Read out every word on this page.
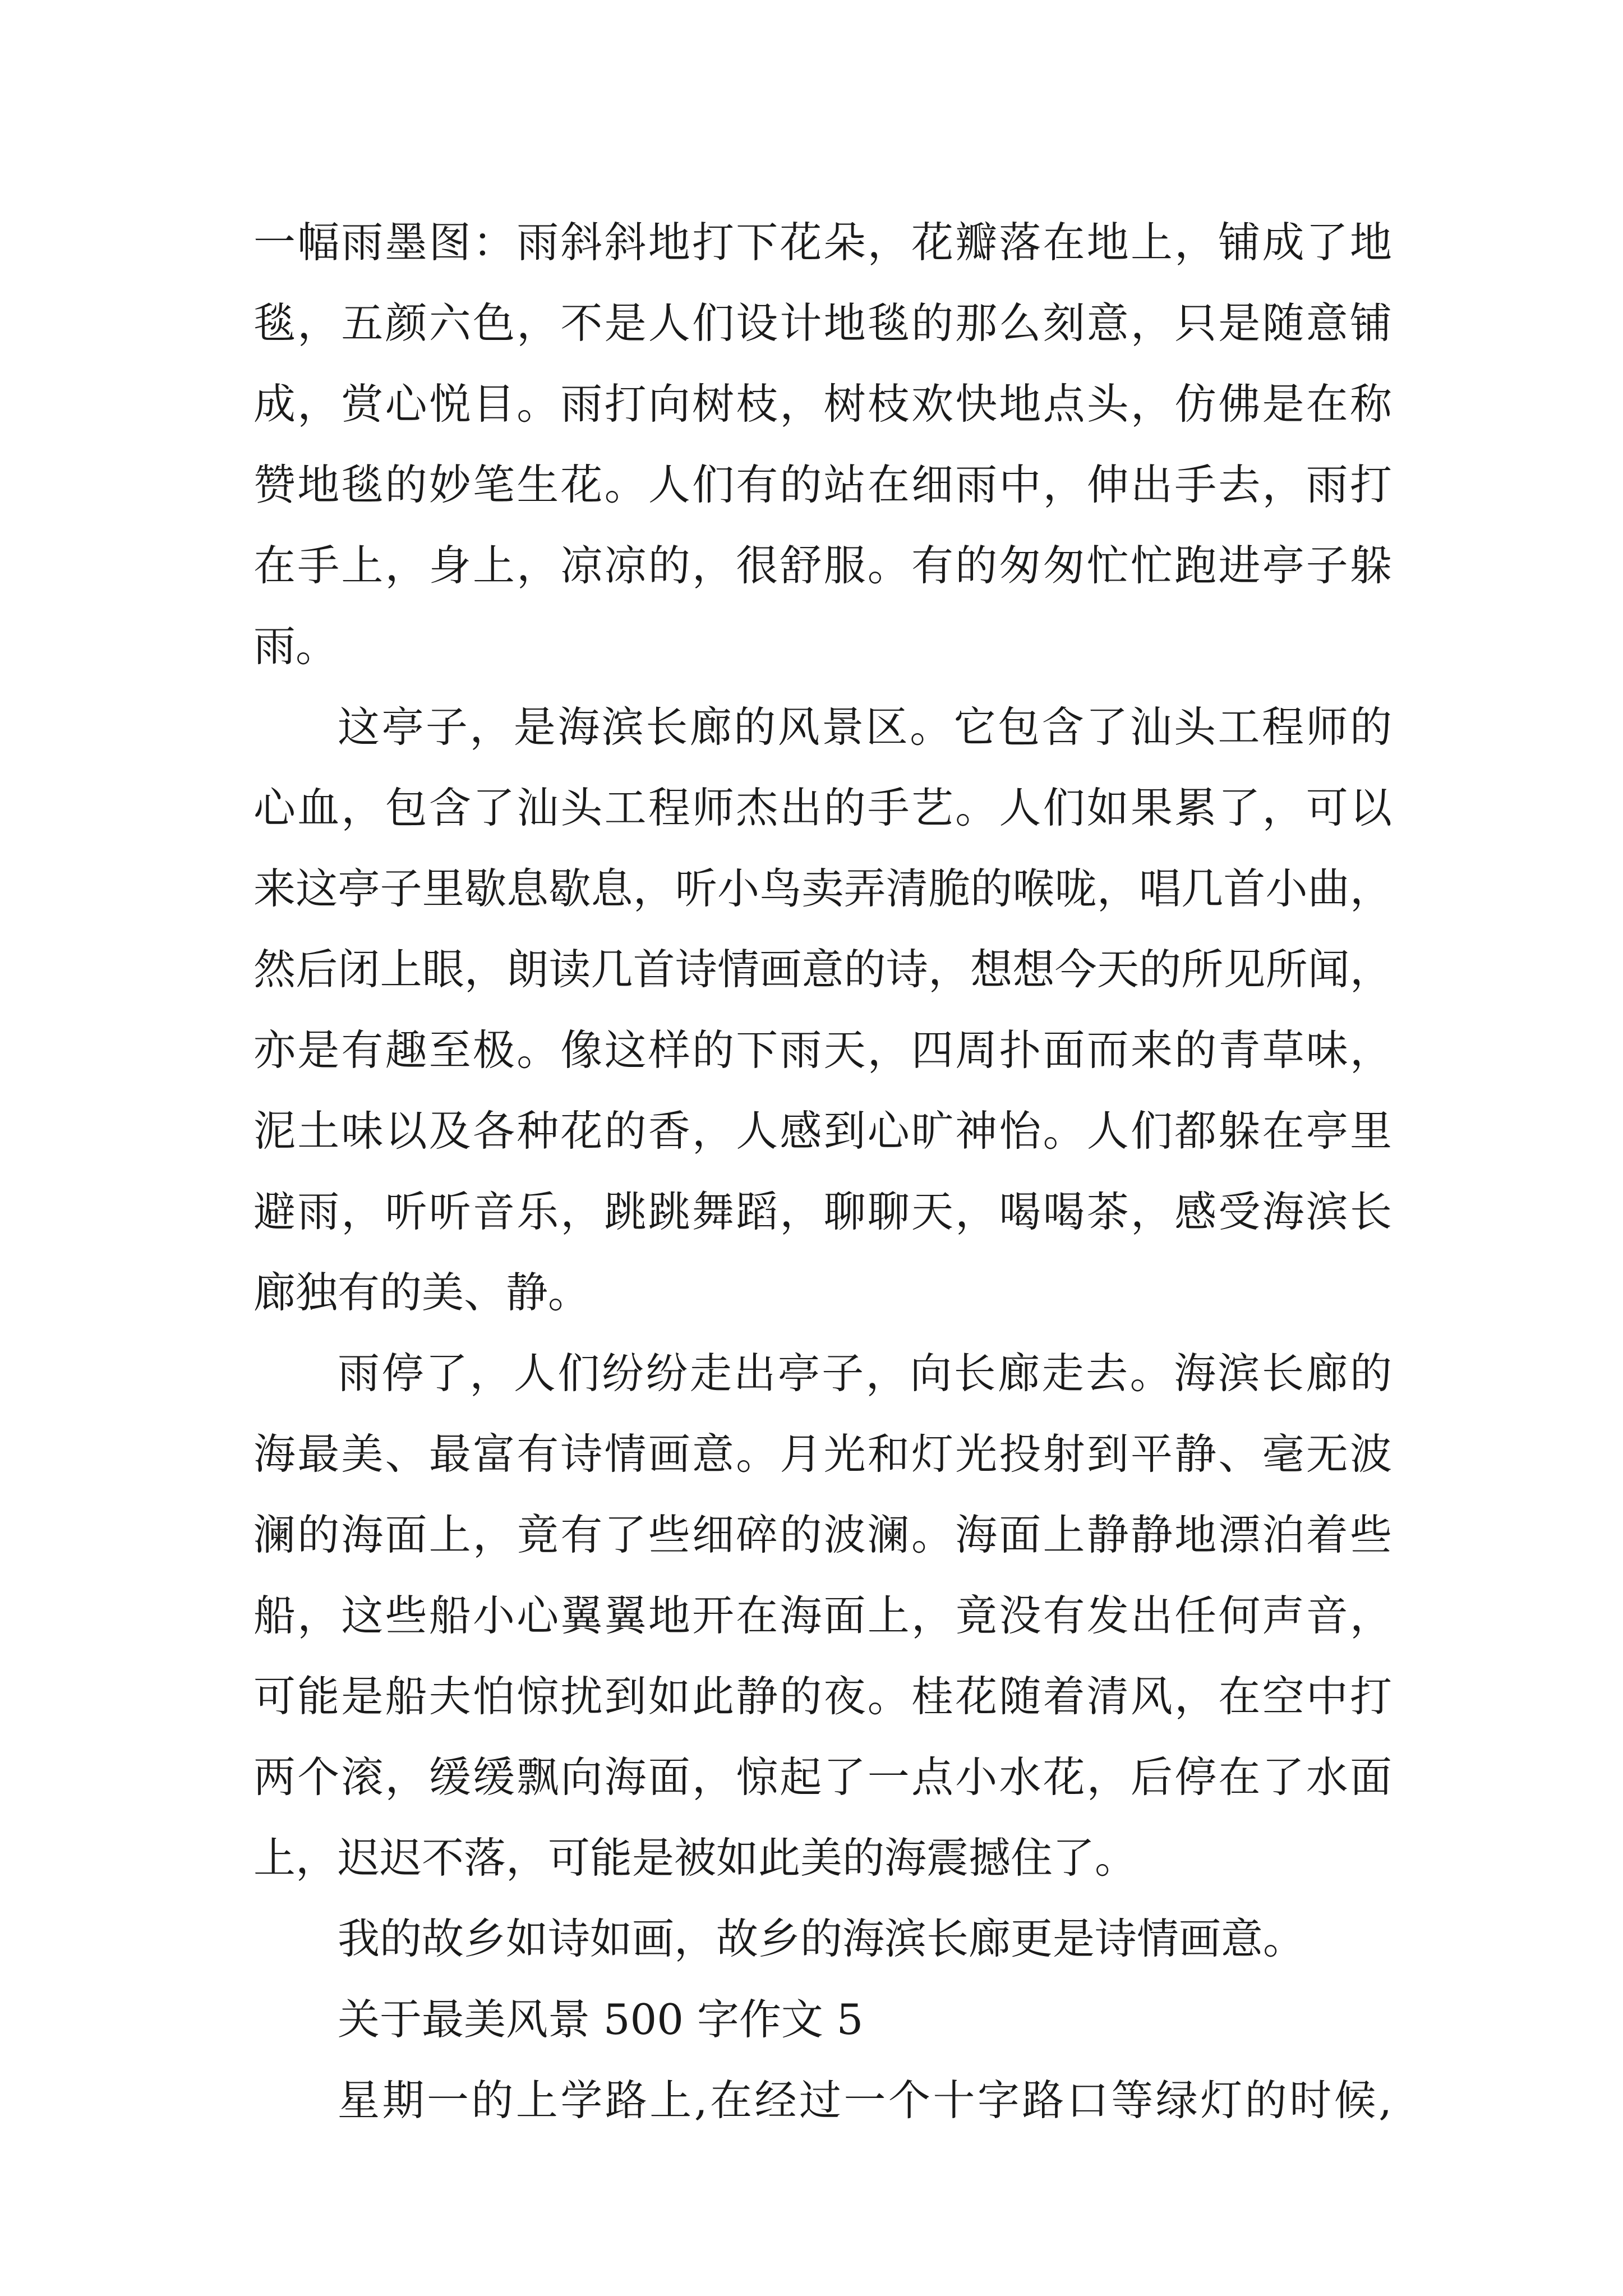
一幅雨墨图：雨斜斜地打下花朵，花瓣落在地上，铺成了地
毯，五颜六色，不是人们设计地毯的那么刻意，只是随意铺
成，赏心悦目。雨打向树枝，树枝欢快地点头，仿佛是在称
赞地毯的妙笔生花。人们有的站在细雨中，伸出手去，雨打
在手上，身上，凉凉的，很舒服。有的匆匆忙忙跑进亭子躲
雨。
这亭子，是海滨长廊的风景区。它包含了汕头工程师的
心血，包含了汕头工程师杰出的手艺。人们如果累了，可以
来这亭子里歇息歇息，听小鸟卖弄清脆的喉咙，唱几首小曲，
然后闭上眼，朗读几首诗情画意的诗，想想今天的所见所闻，
亦是有趣至极。像这样的下雨天，四周扑面而来的青草味，
泥土味以及各种花的香，人感到心旷神怡。人们都躲在亭里
避雨，听听音乐，跳跳舞蹈，聊聊天，喝喝茶，感受海滨长
廊独有的美、静。
雨停了，人们纷纷走出亭子，向长廊走去。海滨长廊的
海最美、最富有诗情画意。月光和灯光投射到平静、毫无波
澜的海面上，竟有了些细碎的波澜。海面上静静地漂泊着些
船，这些船小心翼翼地开在海面上，竟没有发出任何声音，
可能是船夫怕惊扰到如此静的夜。桂花随着清风，在空中打
两个滚，缓缓飘向海面，惊起了一点小水花，后停在了水面
上，迟迟不落，可能是被如此美的海震撼住了。
我的故乡如诗如画，故乡的海滨长廊更是诗情画意。
关于最美风景 500 字作文 5
星期一的上学路上,在经过一个十字路口等绿灯的时候,
